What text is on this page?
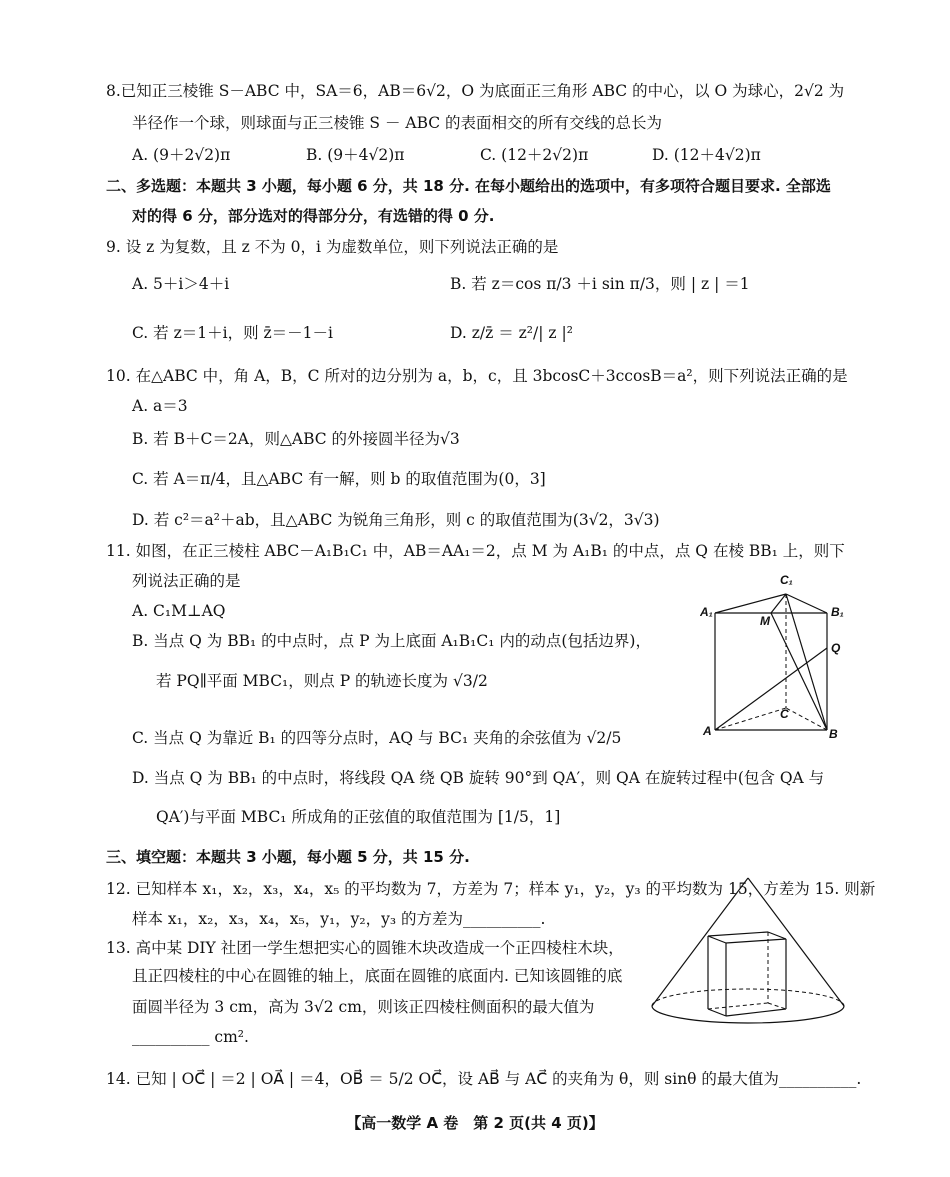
8.已知正三棱锥 S－ABC 中，SA＝6，AB＝6√2，O 为底面正三角形 ABC 的中心，以 O 为球心，2√2 为
半径作一个球，则球面与正三棱锥 S － ABC 的表面相交的所有交线的总长为
A. (9＋2√2)π	B. (9＋4√2)π	C. (12＋2√2)π	D. (12＋4√2)π
二、多选题：本题共 3 小题，每小题 6 分，共 18 分. 在每小题给出的选项中，有多项符合题目要求. 全部选
对的得 6 分，部分选对的得部分分，有选错的得 0 分.
9. 设 z 为复数，且 z 不为 0，i 为虚数单位，则下列说法正确的是
A. 5＋i＞4＋i	B. 若 z＝cos π/3 ＋i sin π/3，则 | z | ＝1
C. 若 z＝1＋i，则 z̄＝－1－i	D. z/z̄ ＝ z²/| z |²
10. 在△ABC 中，角 A，B，C 所对的边分别为 a，b，c，且 3bcosC＋3ccosB＝a²，则下列说法正确的是
A. a＝3
B. 若 B＋C＝2A，则△ABC 的外接圆半径为√3
C. 若 A＝π/4，且△ABC 有一解，则 b 的取值范围为(0，3]
D. 若 c²＝a²＋ab，且△ABC 为锐角三角形，则 c 的取值范围为(3√2，3√3)
11. 如图，在正三棱柱 ABC－A₁B₁C₁ 中，AB＝AA₁＝2，点 M 为 A₁B₁ 的中点，点 Q 在棱 BB₁ 上，则下
列说法正确的是
A. C₁M⊥AQ
B. 当点 Q 为 BB₁ 的中点时，点 P 为上底面 A₁B₁C₁ 内的动点(包括边界)，
若 PQ∥平面 MBC₁，则点 P 的轨迹长度为 √3/2
C. 当点 Q 为靠近 B₁ 的四等分点时，AQ 与 BC₁ 夹角的余弦值为 √2/5
D. 当点 Q 为 BB₁ 的中点时，将线段 QA 绕 QB 旋转 90°到 QA′，则 QA 在旋转过程中(包含 QA 与
QA′)与平面 MBC₁ 所成角的正弦值的取值范围为 [1/5，1]
C₁
A₁	B₁
M
Q
C
A	B
三、填空题：本题共 3 小题，每小题 5 分，共 15 分.
12. 已知样本 x₁，x₂，x₃，x₄，x₅ 的平均数为 7，方差为 7；样本 y₁，y₂，y₃ 的平均数为 15，方差为 15. 则新
样本 x₁，x₂，x₃，x₄，x₅，y₁，y₂，y₃ 的方差为__________.
13. 高中某 DIY 社团一学生想把实心的圆锥木块改造成一个正四棱柱木块，
且正四棱柱的中心在圆锥的轴上，底面在圆锥的底面内. 已知该圆锥的底
面圆半径为 3 cm，高为 3√2 cm，则该正四棱柱侧面积的最大值为
__________ cm².
14. 已知 | OC⃗ | ＝2 | OA⃗ | ＝4，OB⃗ ＝ 5/2 OC⃗，设 AB⃗ 与 AC⃗ 的夹角为 θ，则 sinθ 的最大值为__________.
【高一数学 A 卷　第 2 页(共 4 页)】
